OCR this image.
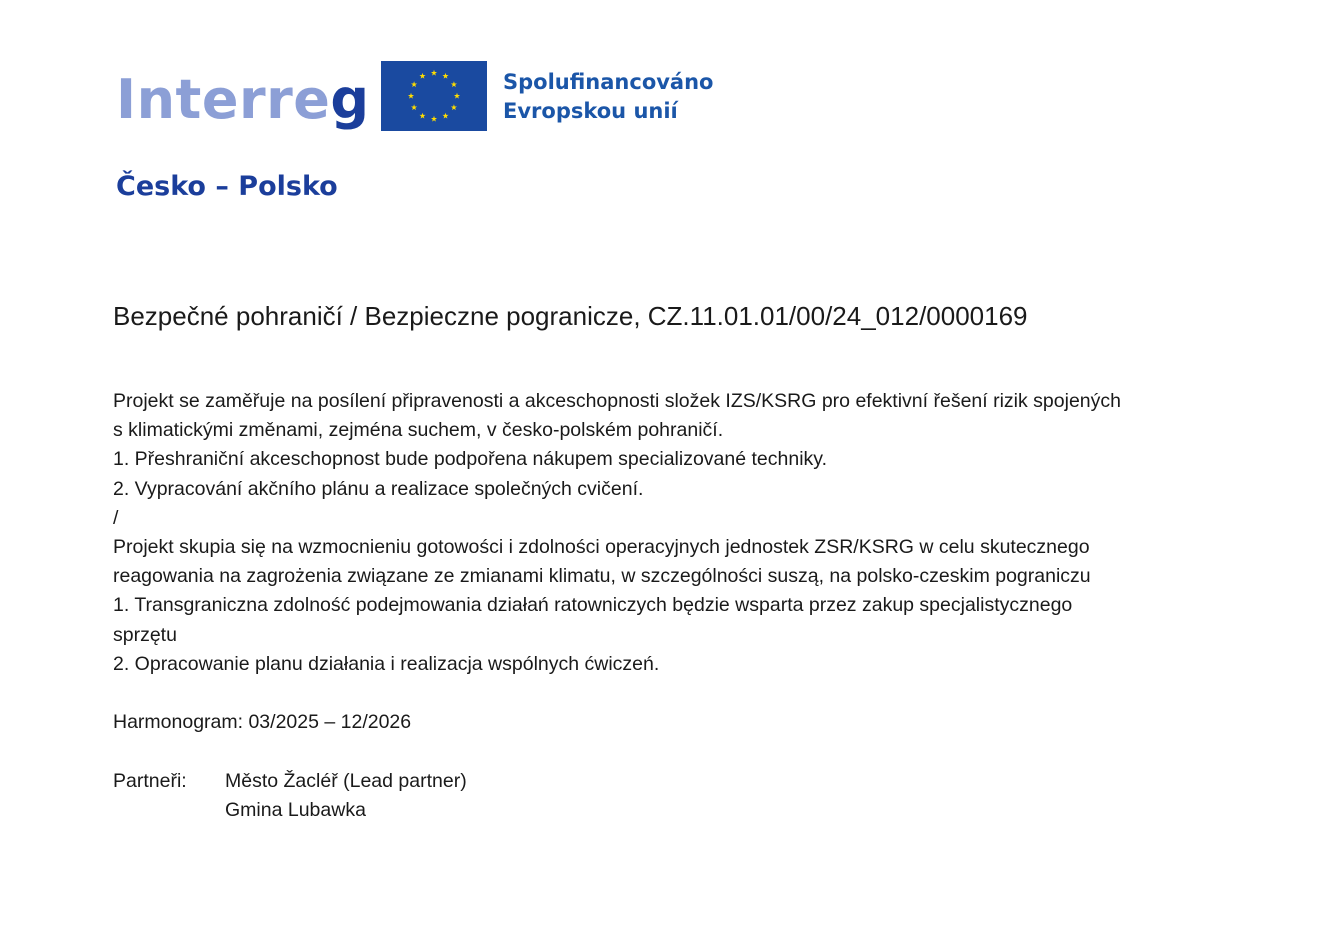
Interreg	Spolufinancováno
Evropskou unií
Česko – Polsko
Bezpečné pohraničí / Bezpieczne pogranicze, CZ.11.01.01/00/24_012/0000169
Projekt se zaměřuje na posílení připravenosti a akceschopnosti složek IZS/KSRG pro efektivní řešení rizik spojených
s klimatickými změnami, zejména suchem, v česko-polském pohraničí.
1. Přeshraniční akceschopnost bude podpořena nákupem specializované techniky.
2. Vypracování akčního plánu a realizace společných cvičení.
/
Projekt skupia się na wzmocnieniu gotowości i zdolności operacyjnych jednostek ZSR/KSRG w celu skutecznego
reagowania na zagrożenia związane ze zmianami klimatu, w szczególności suszą, na polsko-czeskim pograniczu
1. Transgraniczna zdolność podejmowania działań ratowniczych będzie wsparta przez zakup specjalistycznego
sprzętu
2. Opracowanie planu działania i realizacja wspólnych ćwiczeń.
Harmonogram: 03/2025 – 12/2026
Partneři:	Město Žacléř (Lead partner)
Gmina Lubawka
